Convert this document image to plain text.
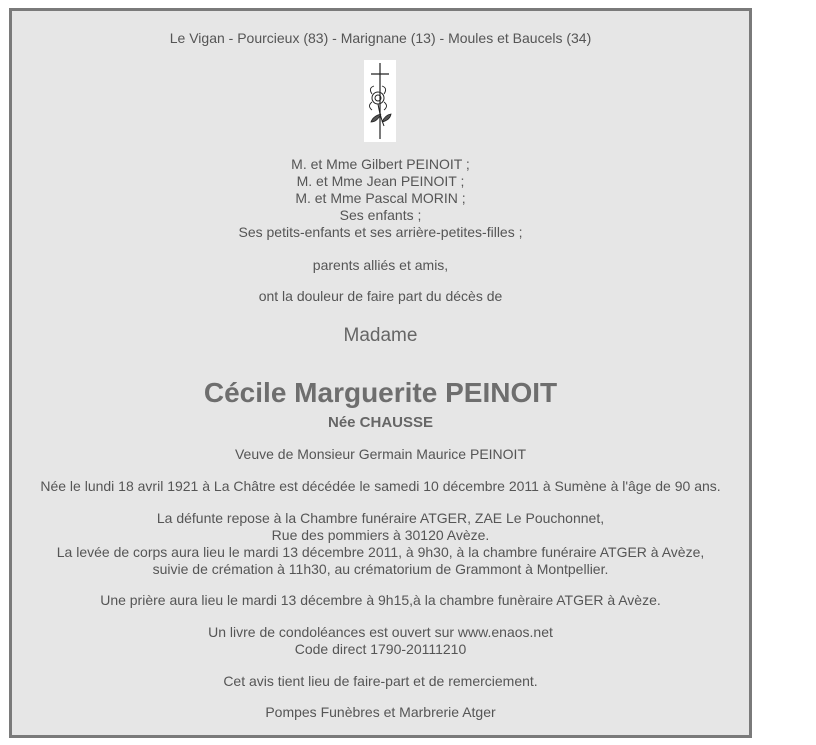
Le Vigan - Pourcieux (83) - Marignane (13) - Moules et Baucels (34)
M. et Mme Gilbert PEINOIT ;
M. et Mme Jean PEINOIT ;
M. et Mme Pascal MORIN ;
Ses enfants ;
Ses petits-enfants et ses arrière-petites-filles ;
parents alliés et amis,
ont la douleur de faire part du décès de
Madame
Cécile Marguerite PEINOIT
Née CHAUSSE
Veuve de Monsieur Germain Maurice PEINOIT
Née le lundi 18 avril 1921 à La Châtre est décédée le samedi 10 décembre 2011 à Sumène à l'âge de 90 ans.
La défunte repose à la Chambre funéraire ATGER, ZAE Le Pouchonnet,
Rue des pommiers à 30120 Avèze.
La levée de corps aura lieu le mardi 13 décembre 2011, à 9h30, à la chambre funéraire ATGER à Avèze,
suivie de crémation à 11h30, au crématorium de Grammont à Montpellier.
Une prière aura lieu le mardi 13 décembre à 9h15,à la chambre funèraire ATGER à Avèze.
Un livre de condoléances est ouvert sur www.enaos.net
Code direct 1790-20111210
Cet avis tient lieu de faire-part et de remerciement.
Pompes Funèbres et Marbrerie Atger
